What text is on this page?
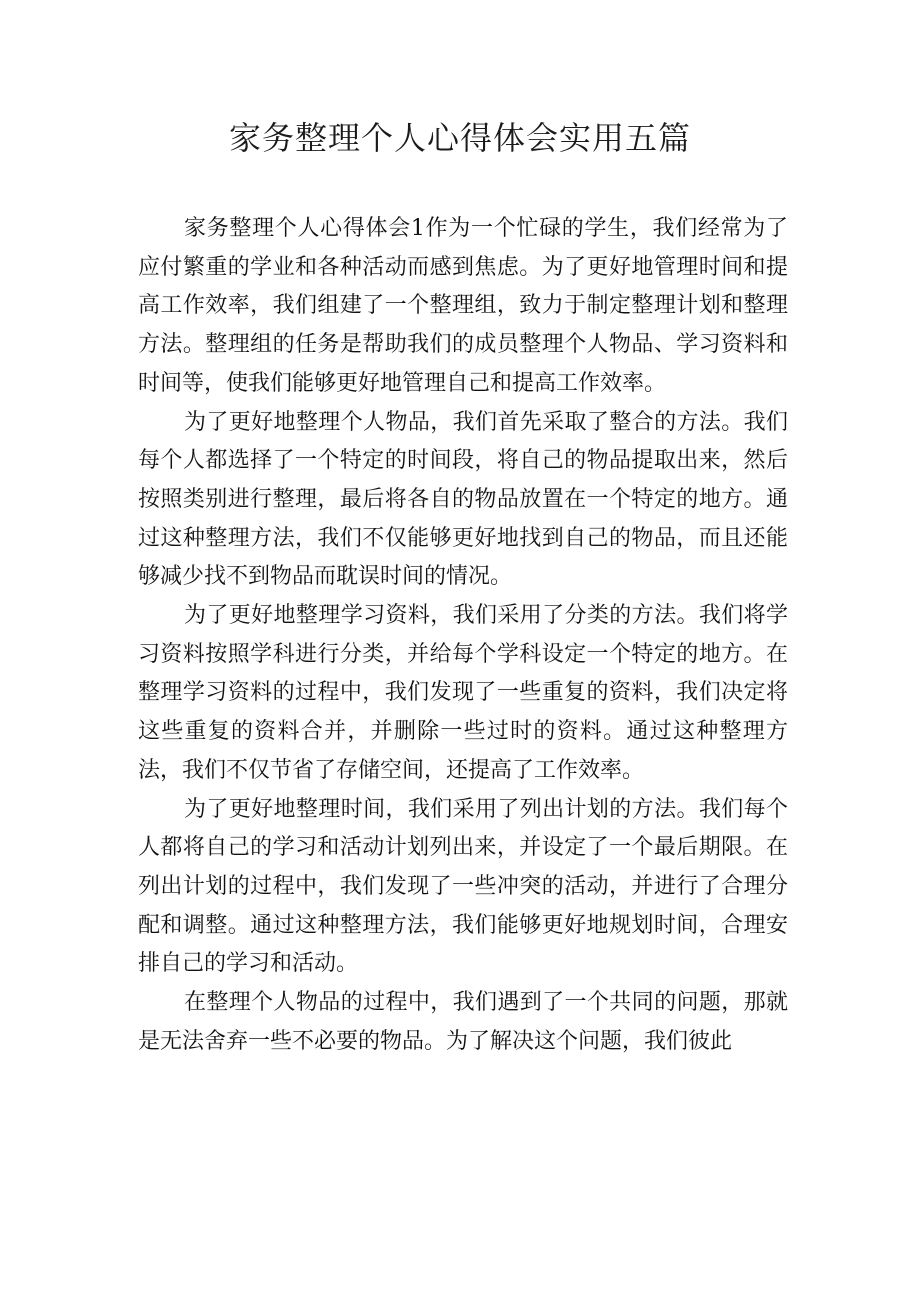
家务整理个人心得体会实用五篇

家务整理个人心得体会1作为一个忙碌的学生，我们经常为了应付繁重的学业和各种活动而感到焦虑。为了更好地管理时间和提高工作效率，我们组建了一个整理组，致力于制定整理计划和整理方法。整理组的任务是帮助我们的成员整理个人物品、学习资料和时间等，使我们能够更好地管理自己和提高工作效率。

为了更好地整理个人物品，我们首先采取了整合的方法。我们每个人都选择了一个特定的时间段，将自己的物品提取出来，然后按照类别进行整理，最后将各自的物品放置在一个特定的地方。通过这种整理方法，我们不仅能够更好地找到自己的物品，而且还能够减少找不到物品而耽误时间的情况。

为了更好地整理学习资料，我们采用了分类的方法。我们将学习资料按照学科进行分类，并给每个学科设定一个特定的地方。在整理学习资料的过程中，我们发现了一些重复的资料，我们决定将这些重复的资料合并，并删除一些过时的资料。通过这种整理方法，我们不仅节省了存储空间，还提高了工作效率。

为了更好地整理时间，我们采用了列出计划的方法。我们每个人都将自己的学习和活动计划列出来，并设定了一个最后期限。在列出计划的过程中，我们发现了一些冲突的活动，并进行了合理分配和调整。通过这种整理方法，我们能够更好地规划时间，合理安排自己的学习和活动。

在整理个人物品的过程中，我们遇到了一个共同的问题，那就是无法舍弃一些不必要的物品。为了解决这个问题，我们彼此
